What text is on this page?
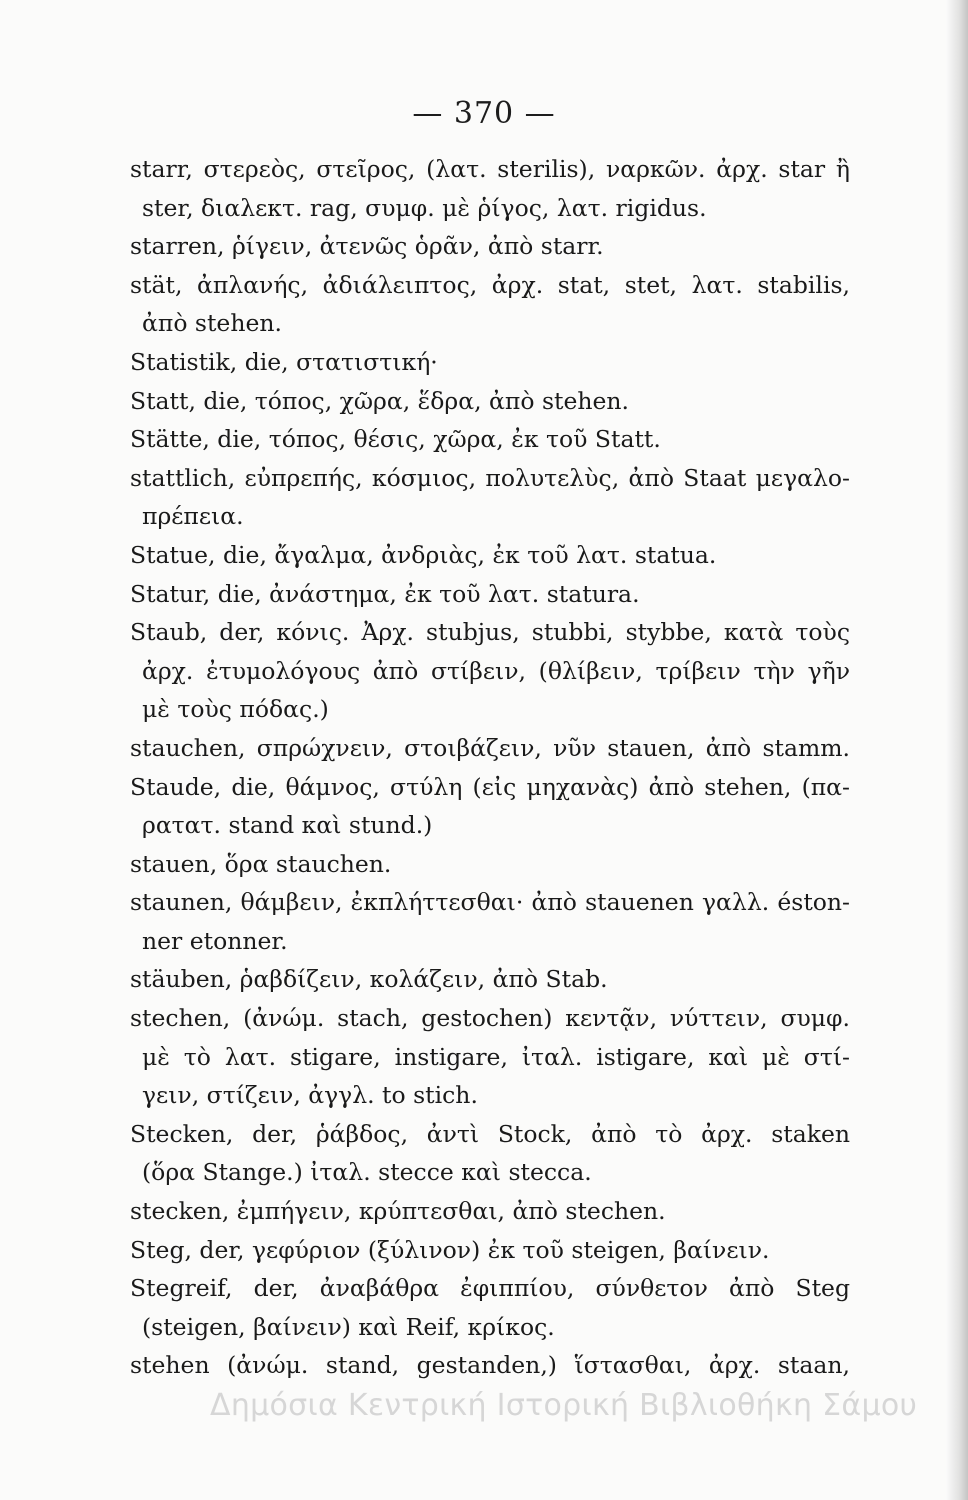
— 370 —
starr, στερεὸς, στεῖρος, (λατ. sterilis), ναρκῶν. ἀρχ. star ἢ
ster, διαλεκτ. rag, συμφ. μὲ ῥίγος, λατ. rigidus.
starren, ῥίγειν, ἀτενῶς ὁρᾶν, ἀπὸ starr.
stät, ἀπλανής, ἀδιάλειπτος, ἀρχ. stat, stet, λατ. stabilis,
ἀπὸ stehen.
Statistik, die, στατιστική·
Statt, die, τόπος, χῶρα, ἕδρα, ἀπὸ stehen.
Stätte, die, τόπος, θέσις, χῶρα, ἐκ τοῦ Statt.
stattlich, εὐπρεπής, κόσμιος, πολυτελὺς, ἀπὸ Staat μεγαλο-
πρέπεια.
Statue, die, ἄγαλμα, ἀνδριὰς, ἐκ τοῦ λατ. statua.
Statur, die, ἀνάστημα, ἐκ τοῦ λατ. statura.
Staub, der, κόνις. Ἀρχ. stubjus, stubbi, stybbe, κατὰ τοὺς
ἀρχ. ἐτυμολόγους ἀπὸ στίβειν, (θλίβειν, τρίβειν τὴν γῆν
μὲ τοὺς πόδας.)
stauchen, σπρώχνειν, στοιβάζειν, νῦν stauen, ἀπὸ stamm.
Staude, die, θάμνος, στύλη (εἰς μηχανὰς) ἀπὸ stehen, (πα-
ρατατ. stand καὶ stund.)
stauen, ὅρα stauchen.
staunen, θάμβειν, ἐκπλήττεσθαι· ἀπὸ stauenen γαλλ. éston-
ner etonner.
stäuben, ῥαβδίζειν, κολάζειν, ἀπὸ Stab.
stechen, (ἀνώμ. stach, gestochen) κεντᾷν, νύττειν, συμφ.
μὲ τὸ λατ. stigare, instigare, ἰταλ. istigare, καὶ μὲ στί-
γειν, στίζειν, ἀγγλ. to stich.
Stecken, der, ῥάβδος, ἀντὶ Stock, ἀπὸ τὸ ἀρχ. staken
(ὅρα Stange.) ἰταλ. stecce καὶ stecca.
stecken, ἐμπήγειν, κρύπτεσθαι, ἀπὸ stechen.
Steg, der, γεφύριον (ξύλινον) ἐκ τοῦ steigen, βαίνειν.
Stegreif, der, ἀναβάθρα ἐφιππίου, σύνθετον ἀπὸ Steg
(steigen, βαίνειν) καὶ Reif, κρίκος.
stehen (ἀνώμ. stand, gestanden,) ἵστασθαι, ἀρχ. staan,
Δημόσια Κεντρική Ιστορική Βιβλιοθήκη Σάμου
